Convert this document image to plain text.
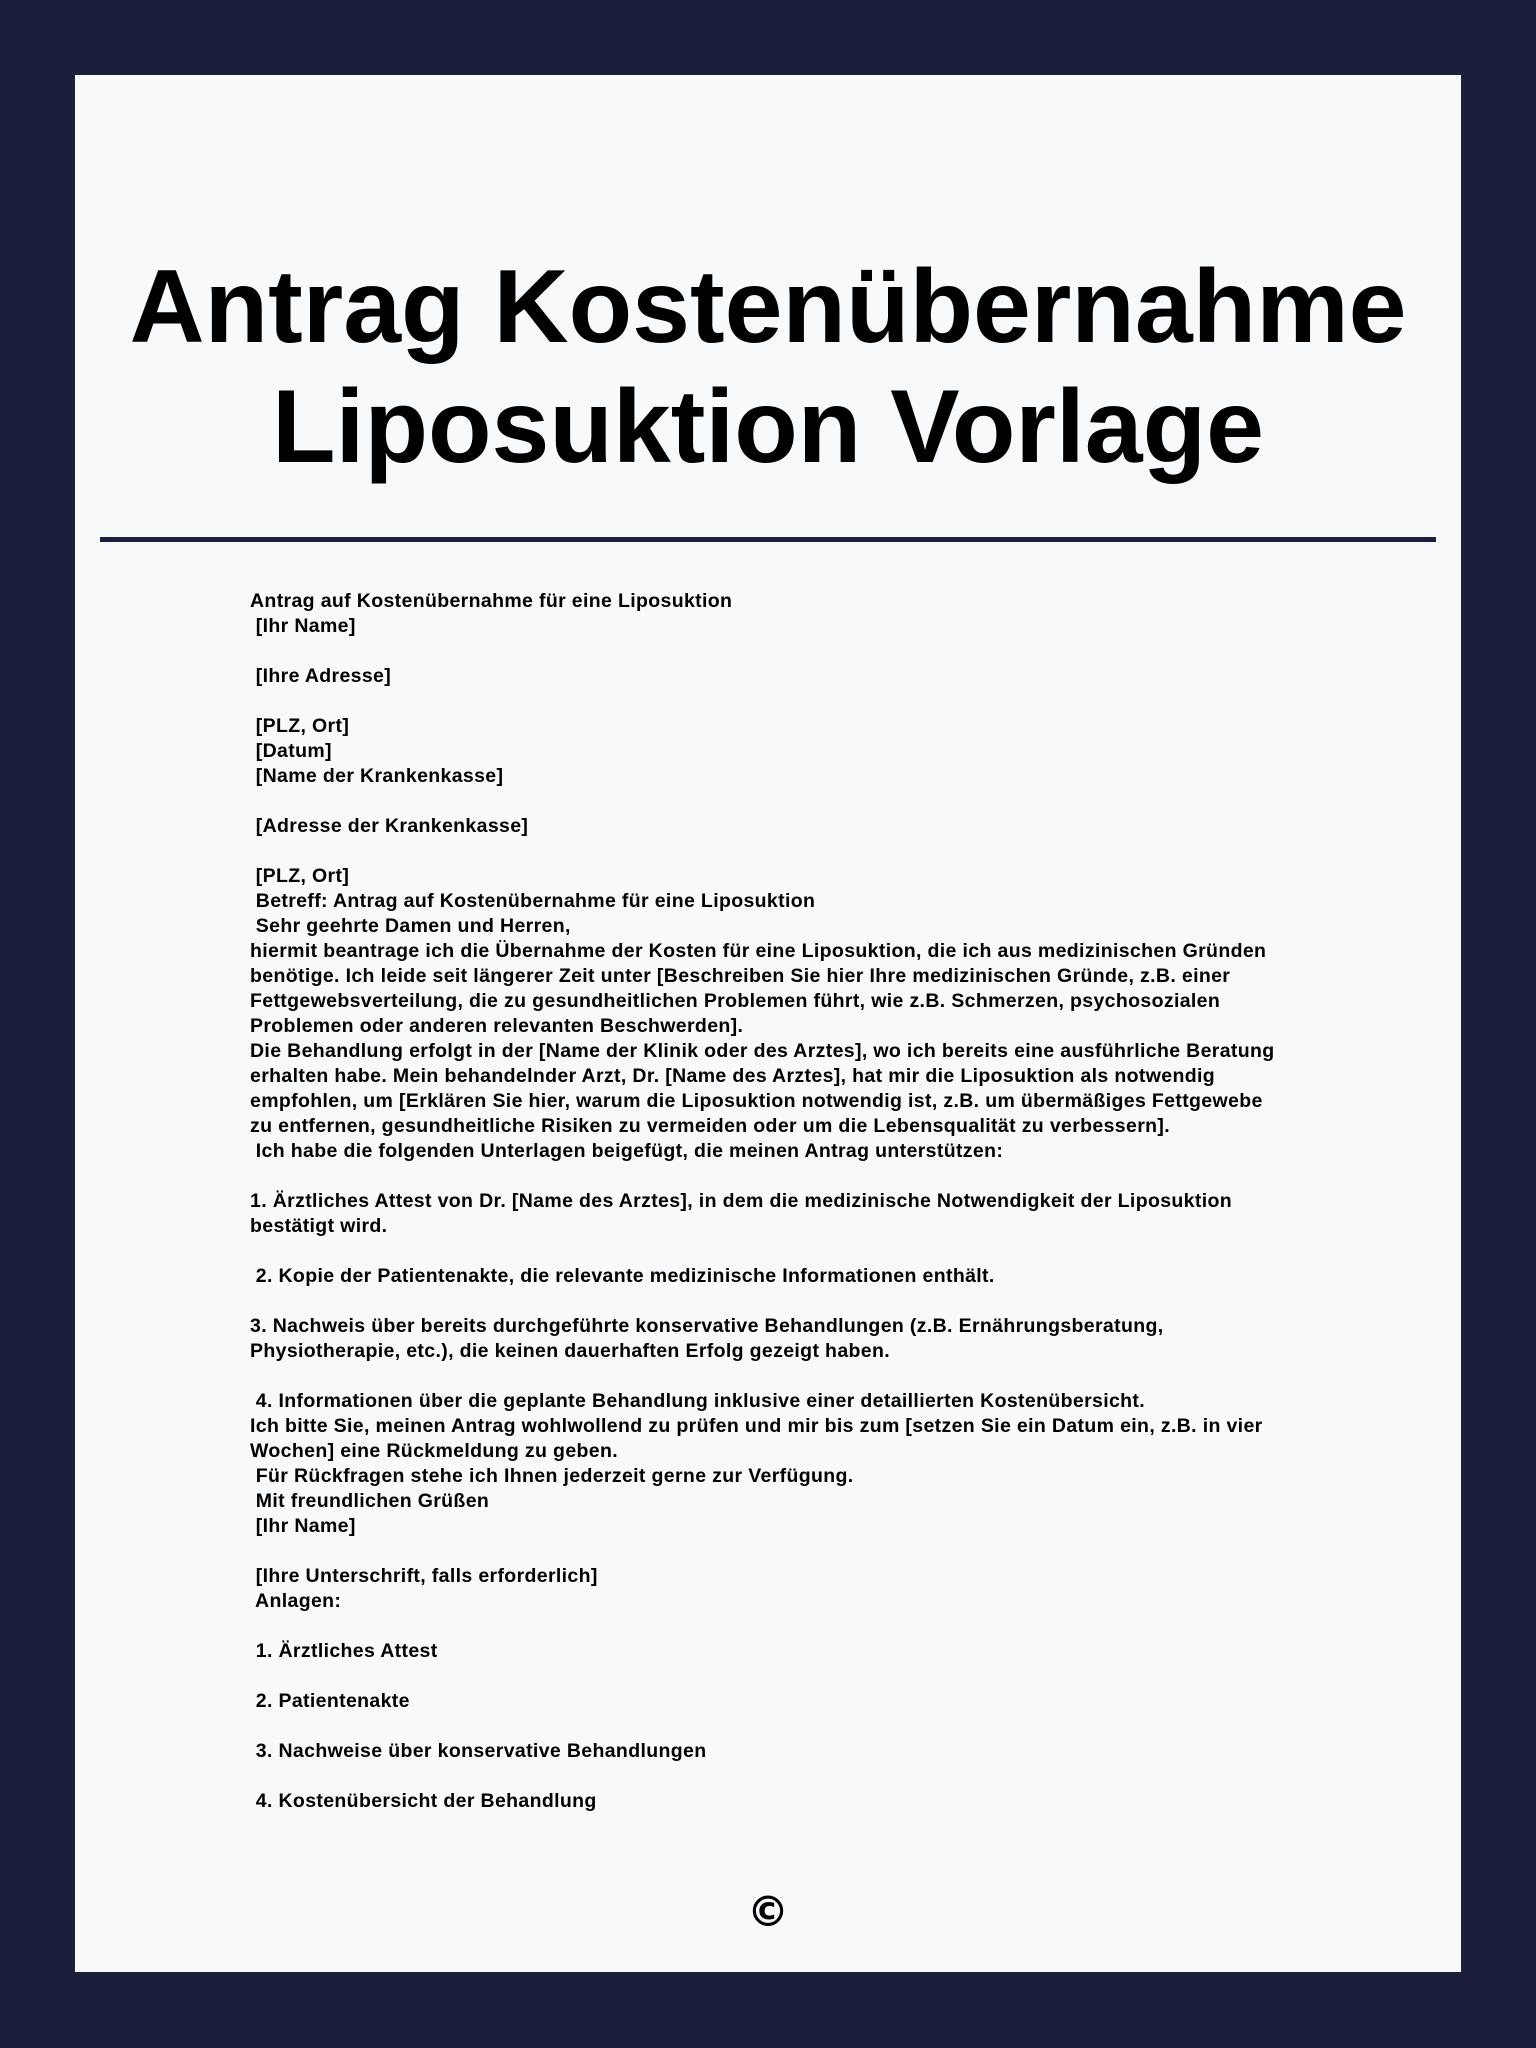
Antrag Kostenübernahme
Liposuktion Vorlage
Antrag auf Kostenübernahme für eine Liposuktion
[Ihr Name]
[Ihre Adresse]
[PLZ, Ort]
[Datum]
[Name der Krankenkasse]
[Adresse der Krankenkasse]
[PLZ, Ort]
Betreff: Antrag auf Kostenübernahme für eine Liposuktion
Sehr geehrte Damen und Herren,
hiermit beantrage ich die Übernahme der Kosten für eine Liposuktion, die ich aus medizinischen Gründen
benötige. Ich leide seit längerer Zeit unter [Beschreiben Sie hier Ihre medizinischen Gründe, z.B. einer
Fettgewebsverteilung, die zu gesundheitlichen Problemen führt, wie z.B. Schmerzen, psychosozialen
Problemen oder anderen relevanten Beschwerden].
Die Behandlung erfolgt in der [Name der Klinik oder des Arztes], wo ich bereits eine ausführliche Beratung
erhalten habe. Mein behandelnder Arzt, Dr. [Name des Arztes], hat mir die Liposuktion als notwendig
empfohlen, um [Erklären Sie hier, warum die Liposuktion notwendig ist, z.B. um übermäßiges Fettgewebe
zu entfernen, gesundheitliche Risiken zu vermeiden oder um die Lebensqualität zu verbessern].
Ich habe die folgenden Unterlagen beigefügt, die meinen Antrag unterstützen:
1. Ärztliches Attest von Dr. [Name des Arztes], in dem die medizinische Notwendigkeit der Liposuktion
bestätigt wird.
2. Kopie der Patientenakte, die relevante medizinische Informationen enthält.
3. Nachweis über bereits durchgeführte konservative Behandlungen (z.B. Ernährungsberatung,
Physiotherapie, etc.), die keinen dauerhaften Erfolg gezeigt haben.
4. Informationen über die geplante Behandlung inklusive einer detaillierten Kostenübersicht.
Ich bitte Sie, meinen Antrag wohlwollend zu prüfen und mir bis zum [setzen Sie ein Datum ein, z.B. in vier
Wochen] eine Rückmeldung zu geben.
Für Rückfragen stehe ich Ihnen jederzeit gerne zur Verfügung.
Mit freundlichen Grüßen
[Ihr Name]
[Ihre Unterschrift, falls erforderlich]
Anlagen:
1. Ärztliches Attest
2. Patientenakte
3. Nachweise über konservative Behandlungen
4. Kostenübersicht der Behandlung
©
